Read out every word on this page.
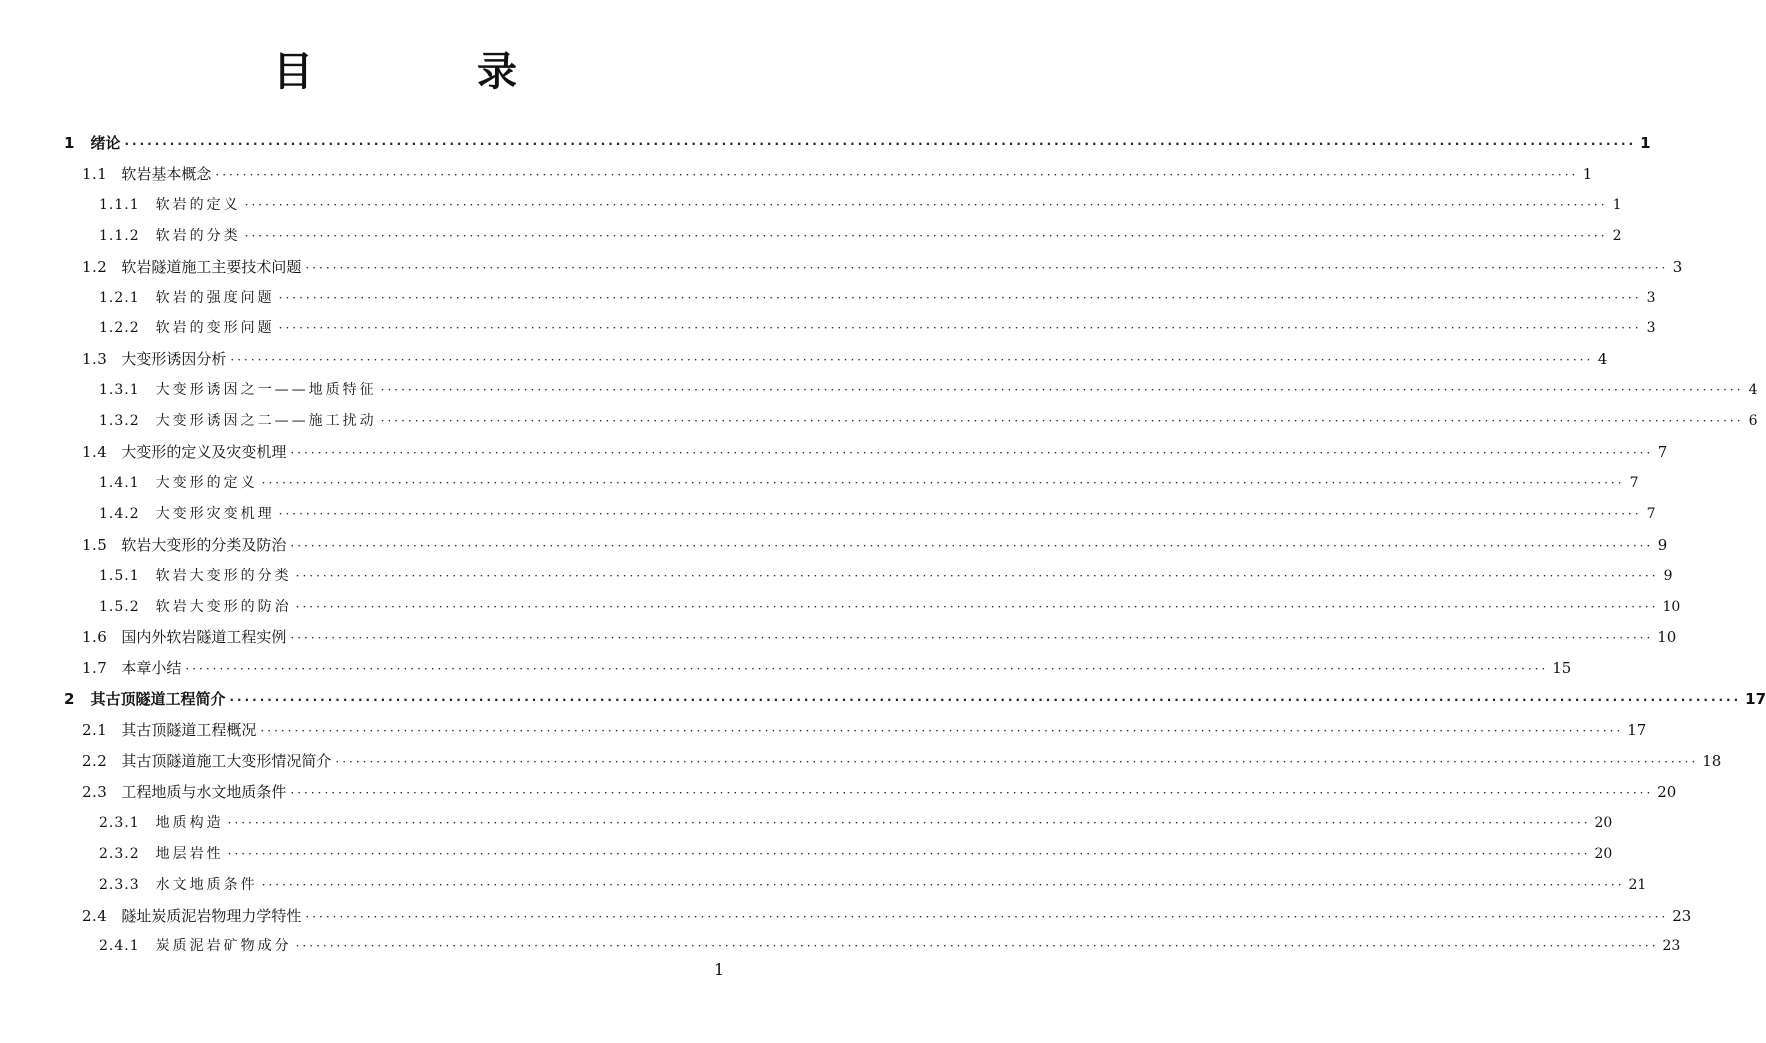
目　录
1	绪论 ········································································································································································································ 1
1.1 软岩基本概念 ········································································································································································································ 1
1.1.1	软岩的定义 ········································································································································································································ 1
1.1.2	软岩的分类 ········································································································································································································ 2
1.2 软岩隧道施工主要技术问题 ········································································································································································································ 3
1.2.1	软岩的强度问题 ········································································································································································································ 3
1.2.2	软岩的变形问题 ········································································································································································································ 3
1.3 大变形诱因分析 ········································································································································································································ 4
1.3.1	大变形诱因之一——地质特征 ········································································································································································································ 4
1.3.2	大变形诱因之二——施工扰动 ········································································································································································································ 6
1.4 大变形的定义及灾变机理 ········································································································································································································ 7
1.4.1	大变形的定义 ········································································································································································································ 7
1.4.2	大变形灾变机理 ········································································································································································································ 7
1.5 软岩大变形的分类及防治 ········································································································································································································ 9
1.5.1	软岩大变形的分类 ········································································································································································································ 9
1.5.2	软岩大变形的防治 ········································································································································································································ 10
1.6 国内外软岩隧道工程实例 ········································································································································································································ 10
1.7 本章小结 ········································································································································································································ 15
2	其古顶隧道工程简介 ········································································································································································································ 17
2.1 其古顶隧道工程概况 ········································································································································································································ 17
2.2 其古顶隧道施工大变形情况简介 ········································································································································································································ 18
2.3 工程地质与水文地质条件 ········································································································································································································ 20
2.3.1	地质构造 ········································································································································································································ 20
2.3.2	地层岩性 ········································································································································································································ 20
2.3.3	水文地质条件 ········································································································································································································ 21
2.4 隧址炭质泥岩物理力学特性 ········································································································································································································ 23
2.4.1	炭质泥岩矿物成分 ········································································································································································································ 23
1
